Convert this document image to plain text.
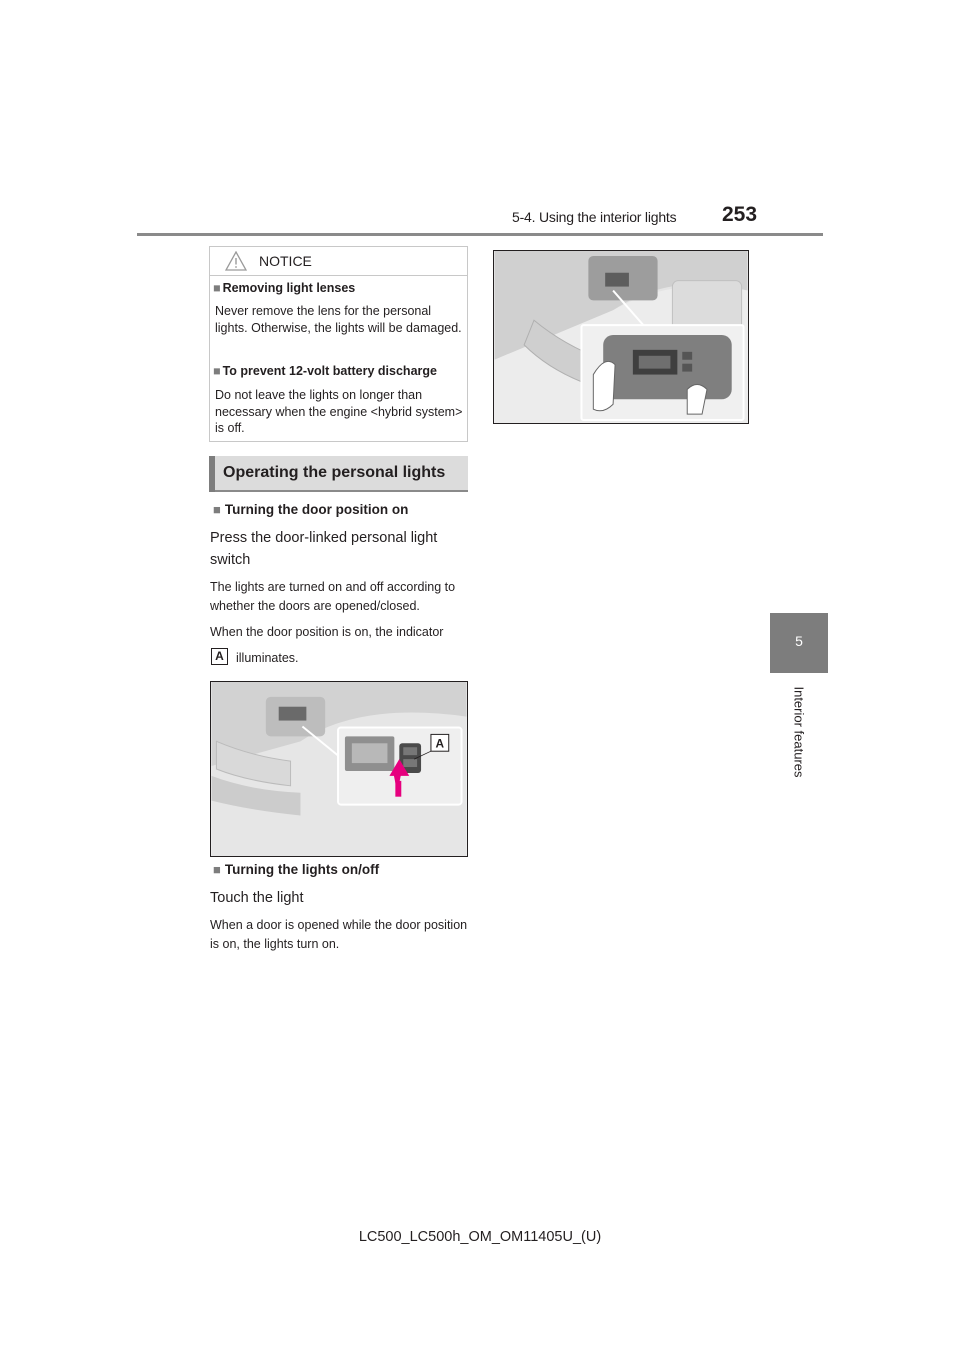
5-4. Using the interior lights 253
5
Interior features
NOTICE
■ Removing light lenses
Never remove the lens for the personal lights. Otherwise, the lights will be damaged.
■ To prevent 12-volt battery discharge
Do not leave the lights on longer than necessary when the engine <hybrid system> is off.
Operating the personal lights
■ Turning the door position on
Press the door-linked personal light switch
The lights are turned on and off according to whether the doors are opened/closed.
When the door position is on, the indicator
A illuminates.
A
■ Turning the lights on/off
Touch the light
When a door is opened while the door position is on, the lights turn on.
LC500_LC500h_OM_OM11405U_(U)
